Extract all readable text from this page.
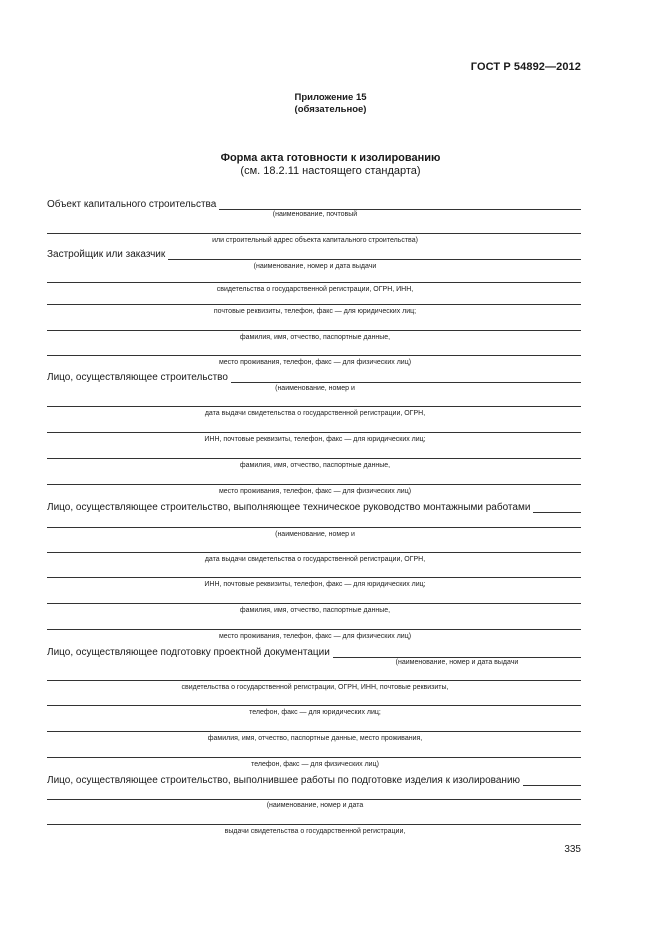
ГОСТ Р 54892—2012
Приложение 15
(обязательное)
Форма акта готовности к изолированию
(см. 18.2.11 настоящего стандарта)
Объект капитального строительства
(наименование, почтовый
или строительный адрес объекта капитального строительства)
Застройщик или заказчик
(наименование, номер и дата выдачи
свидетельства о государственной регистрации, ОГРН, ИНН,
почтовые реквизиты, телефон, факс — для юридических лиц;
фамилия, имя, отчество, паспортные данные,
место проживания, телефон, факс — для физических лиц)
Лицо, осуществляющее строительство
(наименование, номер и
дата выдачи свидетельства о государственной регистрации, ОГРН,
ИНН, почтовые реквизиты, телефон, факс — для юридических лиц;
фамилия, имя, отчество, паспортные данные,
место проживания, телефон, факс — для физических лиц)
Лицо, осуществляющее строительство, выполняющее техническое руководство монтажными работами
(наименование, номер и
дата выдачи свидетельства о государственной регистрации, ОГРН,
ИНН, почтовые реквизиты, телефон, факс — для юридических лиц;
фамилия, имя, отчество, паспортные данные,
место проживания, телефон, факс — для физических лиц)
Лицо, осуществляющее подготовку проектной документации
(наименование, номер и дата выдачи
свидетельства о государственной регистрации, ОГРН, ИНН, почтовые реквизиты,
телефон, факс — для юридических лиц;
фамилия, имя, отчество, паспортные данные, место проживания,
телефон, факс — для физических лиц)
Лицо, осуществляющее строительство, выполнившее работы по подготовке изделия к изолированию
(наименование, номер и дата
выдачи свидетельства о государственной регистрации,
335
